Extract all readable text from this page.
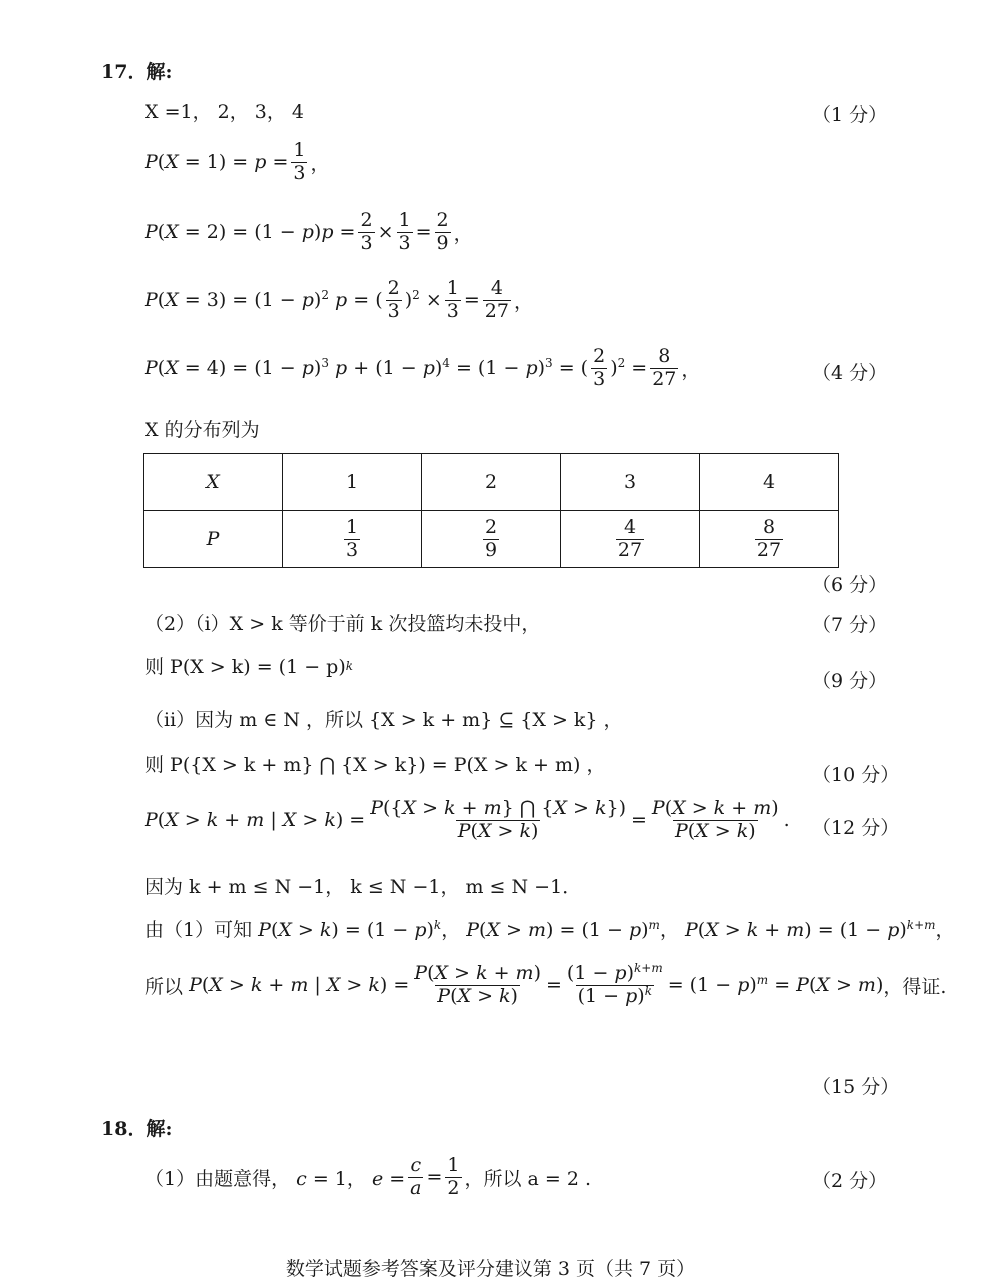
17．解:
X =1， 2， 3， 4	（1 分）
$P(X = 1) = p = \frac{1}{3}$ ，
$P(X = 2) = (1 - p)p = \frac{2}{3} \times \frac{1}{3} = \frac{2}{9}$ ，
$P(X = 3) = (1 - p)^2$ p = ( $\frac{2}{3} )^2 \times \frac{1}{3} = \frac{4}{27}$ ，
$P(X = 4) = (1 - p)^3$ $p + (1 - p)^4 = (1 - p)^3$ = ( $\frac{2}{3} )^2 = \frac{8}{27}$ ，	（4 分）
X 的分布列为
X	1	2	3	4
P	$\frac{1}{3}$	$\frac{2}{9}$	$\frac{4}{27}$	$\frac{8}{27}$
（6 分）
（2）（ⅰ）X > k 等价于前 k 次投篮均未投中，	（7 分）
则 P(X > k) = (1 − p) k
（9 分）
（ⅱ）因为 m ∈ N ，所以 {X > k + m} ⊆ {X > k} ，
则 P({X > k + m} ⋂ {X > k}) = P(X > k + m) ，	（10 分）
P(X > k + m | $X > k) = \frac{P(\{X > k + m\} ⋂ \{X > k\})}{P(X > k)} = \frac{P(X > k + m)}{P(X > k)}$ . （12 分）
因为 k + m ≤ N −1， k ≤ N −1， m ≤ N −1．
由（1）可知 $P(X > k) = (1 - p)^k$， $P(X > m) = (1 - p)^m$， $P(X > k + m) = (1 - p)^{k+m}$，
所以 P(X > k + m | $X > k) = \frac{P(X > k + m)}{P(X > k)} = \frac{(1 - p)^{k+m}}{(1 - p)^k} = (1 - p)^m = P(X > m)$ ，得证.
（15 分）
18．解:
（1）由题意得， c = 1， $e = \frac{c}{a} = \frac{1}{2}$ ，所以 a = 2 .	（2 分）
数学试题参考答案及评分建议第 3 页（共 7 页）
